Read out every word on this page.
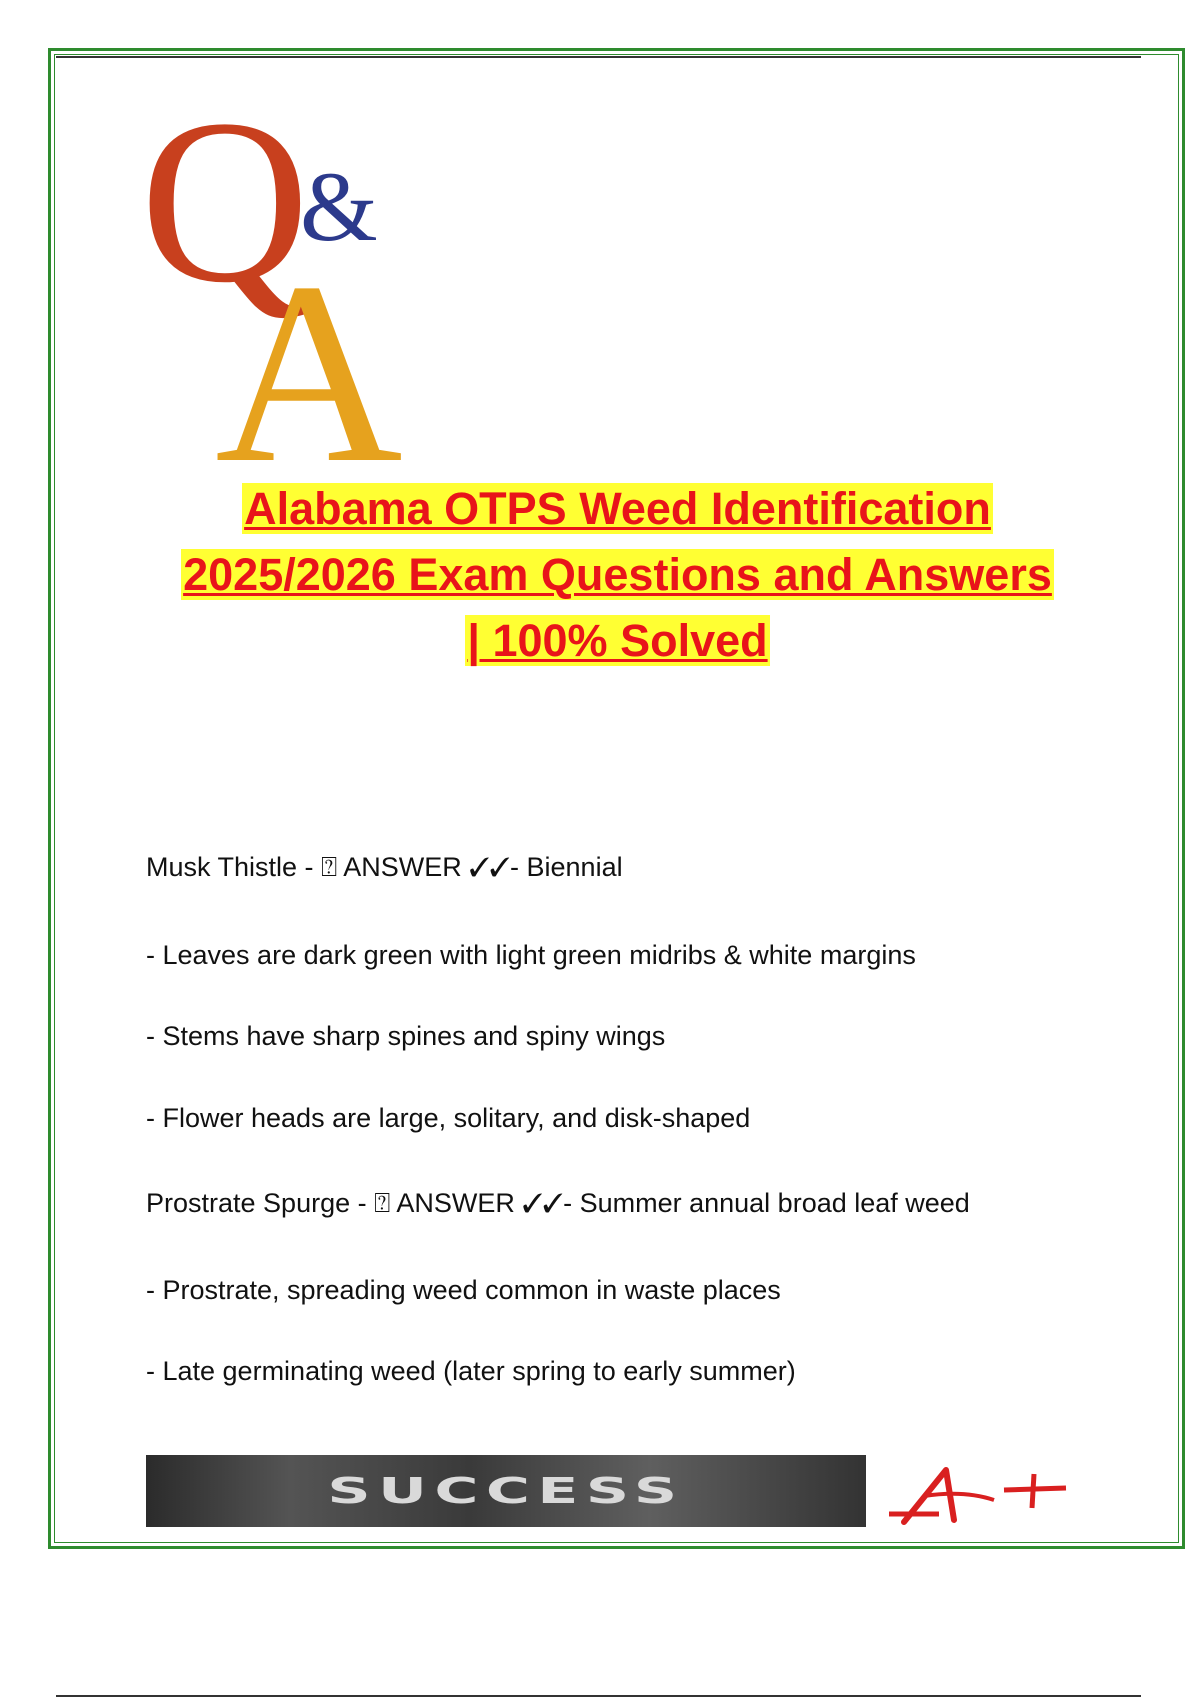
Q
&
A
Alabama OTPS Weed Identification
2025/2026 Exam Questions and Answers
| 100% Solved
Musk Thistle - ⍰ ANSWER ✓✓- Biennial
- Leaves are dark green with light green midribs & white margins
- Stems have sharp spines and spiny wings
- Flower heads are large, solitary, and disk-shaped
Prostrate Spurge - ⍰ ANSWER ✓✓- Summer annual broad leaf weed
- Prostrate, spreading weed common in waste places
- Late germinating weed (later spring to early summer)
SUCCESS
